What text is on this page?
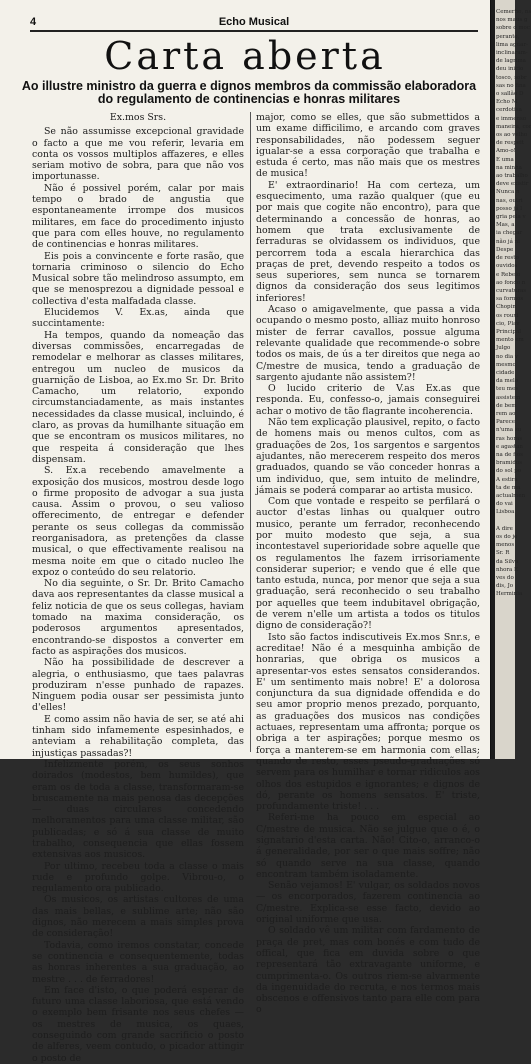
4	Echo Musical
Carta aberta
Ao illustre ministro da guerra e dignos membros da commissão elaboradora do regulamento de continencias e honras militares

Ex.mos Srs.

Se não assumisse excepcional gravidade o facto a que me vou referir, levaria em conta os vossos multiplos affazeres, e elles seriam motivo de sobra, para que não vos importunasse.

Não é possivel porém, calar por mais tempo o brado de angustia que espontaneamente irrompe dos musicos militares, em face do procedimento injusto que para com elles houve, no regulamento de continencias e honras militares.

Eis pois a convincente e forte rasão, que tornaria criminoso o silencio do Echo Musical sobre tão melindroso assumpto, em que se menosprezou a dignidade pessoal e collectiva d'esta malfadada classe.

Elucidemos V. Ex.as, ainda que succintamente:

Ha tempos, quando da nomeação das diversas commissões, encarregadas de remodelar e melhorar as classes militares, entregou um nucleo de musicos da guarnição de Lisboa, ao Ex.mo Sr. Dr. Brito Camacho, um relatorio, expondo circumstanciadamente, as mais instantes necessidades da classe musical, incluindo, é claro, as provas da humilhante situação em que se encontram os musicos militares, no que respeita á consideração que lhes dispensam.

S. Ex.a recebendo amavelmente a exposição dos musicos, mostrou desde logo o firme proposito de advogar a sua justa causa. Assim o provou, o seu valioso offerecimento, de entregar e defender perante os seus collegas da commissão reorganisadora, as pretenções da classe musical, o que effectivamente realisou na mesma noite em que o citado nucleo lhe expoz o conteúdo do seu relatorio.

No dia seguinte, o Sr. Dr. Brito Camacho dava aos representantes da classe musical a feliz noticia de que os seus collegas, haviam tomado na maxima consideração, os poderosos argumentos apresentados, encontrando-se dispostos a converter em facto as aspirações dos musicos.

Não ha possibilidade de descrever a alegria, o enthusiasmo, que taes palavras produziram n'esse punhado de rapazes. Ninguem podia ousar ser pessimista junto d'elles!

E como assim não havia de ser, se até ahi tinham sido infamemente espesinhados, e anteviam a rehabilitação completa, das injustiças passadas?!

Infelizmente porém, os seus sonhos doirados (modestos, bem humildes), que eram os de toda a classe, transformaram-se bruscamente na mais penosa das decepções — duas circulares concedendo melhoramentos para uma classe militar, são publicadas; e só á sua classe de muito trabalho, consequencia que ellas fossem extensivas aos musicos.

Por ultimo, recebeu toda a classe o mais rude e profundo golpe. Vibrou-o, o regulamento ora publicado.

Os musicos, os artistas cultores de uma das mais bellas, e sublime arte; não são dignos, não merecem a mais simples prova de consideração!

Todavia, como iremos constatar, concede se continencia e consequentemente, todas as honras inherentes a sua graduação, ao mestre . . . de ferradores!

Em face d'isto, o que poderá esperar de futuro uma classe laboriosa, que está vendo o exemplo bem frisante nos seus chefes — os mestres de musica, os quaes, conseguindo com grande sacrificio o posto de alferes, veem contudo, o picador attingir o posto de

major, como se elles, que são submettidos a um exame difficilimo, e arcando com graves responsabilidades, não podessem seguer igualar-se a essa corporação que trabalha e estuda é certo, mas não mais que os mestres de musica!

E' extraordinario! Ha com certeza, um esquecimento, uma razão qualquer (que eu por mais que cogite não encontro), para que determinando a concessão de honras, ao homem que trata exclusivamente de ferraduras se olvidassem os individuos, que percorrem toda a escala hierarchica das praças de pret, devendo respeito a todos os seus superiores, sem nunca se tornarem dignos da consideração dos seus legitimos inferiores!

Acaso o amigavelmente, que passa a vida ocupando o mesmo posto, alliaz muito honroso mister de ferrar cavallos, possue alguma relevante qualidade que recommende-o sobre todos os mais, de ús a ter direitos que nega ao C/mestre de musica, tendo a graduação de sargento ajudante não assistem?!

O lucido criterio de V.as Ex.as que responda. Eu, confesso-o, jamais conseguirei achar o motivo de tão flagrante incoherencia.

Não tem explicação plausivel, repito, o facto de homens mais ou menos cultos, com as graduações de 2os, 1os sargentos e sargentos ajudantes, não merecerem respeito dos meros graduados, quando se vão conceder honras a um individuo, que, sem intuito de melindre, jámais se poderá comparar ao artista musico.

Com que vontade e respeito se perfilará o auctor d'estas linhas ou qualquer outro musico, perante um ferrador, reconhecendo por muito modesto que seja, a sua incontestavel superioridade sobre aquelle que os regulamentos lhe fazem irrisoriamente considerar superior; e vendo que é elle que tanto estuda, nunca, por menor que seja a sua graduação, será reconhecido o seu trabalho por aquelles que teem indubitavel obrigação, de verem n'elle um artista a todos os titulos digno de consideração?!

Isto são factos indiscutiveis Ex.mos Snr.s, e acreditae! Não é a mesquinha ambição de honrarias, que obriga os musicos a apresentar-vos estes sensatos considerandos. E' um sentimento mais nobre! E' a dolorosa conjunctura da sua dignidade offendida e do seu amor proprio menos prezado, porquanto, as graduações dos musicos nas condições actuaes, representam uma affronta; porque os obriga a ter aspirações; porque mesmo os força a manterem-se em harmonia com ellas; quando de resto, esses pseudo-graduações só servem para os humilhar e tornar ridiculos aos olhos dos estupidos e ignorantes; e dignos de dó, perante os homens sensatos. E' triste, profundamente triste! . . .

Referi-me ha pouco em especial ao C/mestre de musica. Não se julgue que o é, o signatario d'esta carta. Não! Cito-o, arranco-o á generalidade, por ser o que mais soffre; não só quando serve na sua classe, quando encontram também isoladamente.

Senão vejamos! E' vulgar, os soldados novos — os encorporados, fazerem continencia ao C/mestre. Explica-se esse facto, devido ao original uniforme que usa.

O soldado vê um militar com fardamento de praça de pret, mas com bonés e com tudo de offical, que fica em duvida sobre o que representará tão extravagante uniforme, e cumprimenta-o. Os outros riem-se alvarmente da ingenuidade do recruta, e nos termos mais obscenos e offensivos tanto para elle com para o

Cemerho, ns
nos maus g
sobre o moc
peranto,
lima aguar-
inclinaram-
de lagrima
deu inicio
tosco, sobr
sas no fina
o sallão D
Echo M
cerdotisa
e immenso
maneira, cor
os ao velho
de respeit
Amo-o!
E uma
na minha
ao trabalho
deve existir
Nunca n
nas, outri
posso já l
gria pela v
Mas, a
ia chegar
não já ni
Despe
de resto
ouvidos
e Rebelo
ao fondo n
curvaturas
sa formos
Chopin
os rouxi
cio, Plav
Principal
mento em
Julgo
no dia v
mesmo
cidade
da melo
teu mes
assistem
de bem
rem ao
Parece
n'uma su
ras horas
e agastan
na de fios
bramidos
do sol po
A estira
ta de ma
actualmen
do vai
Lisboa

A dire
os do jo
menos
Sr. R
da Silva
nhora E
ves do
dis, Jo
Herminia
